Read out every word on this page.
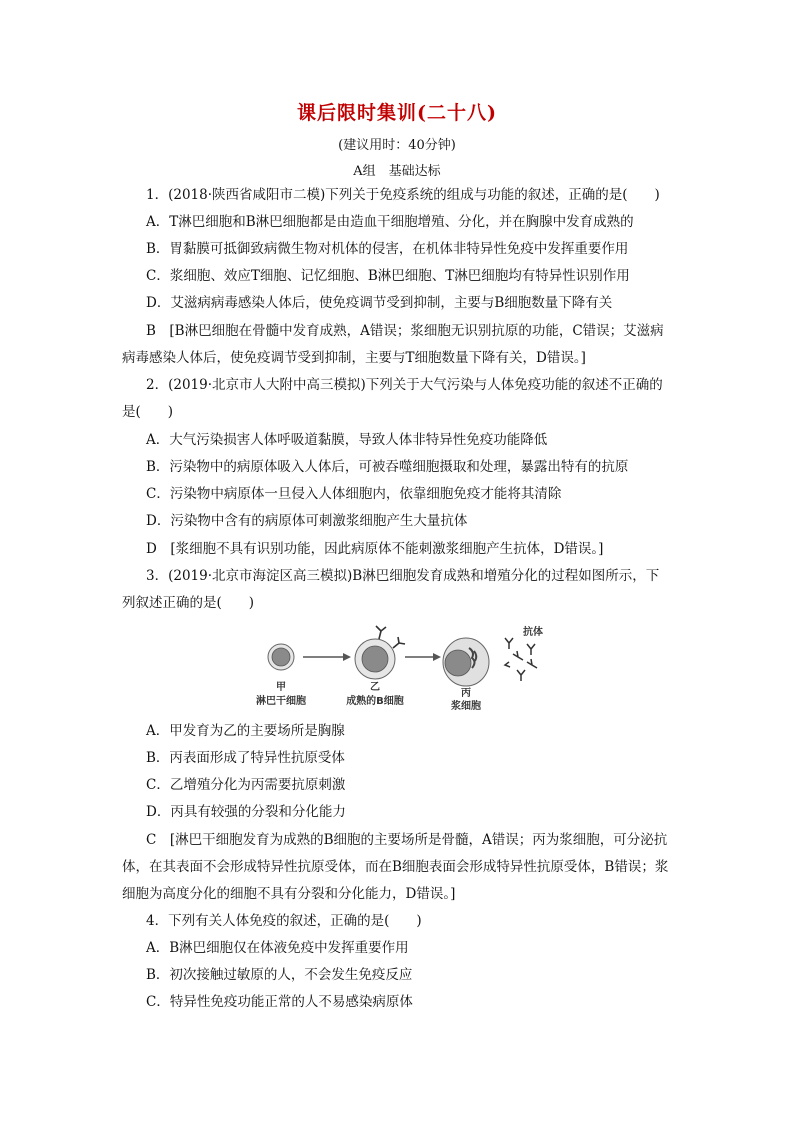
课后限时集训(二十八)
(建议用时：40分钟)
A组　基础达标
1．(2018·陕西省咸阳市二模)下列关于免疫系统的组成与功能的叙述，正确的是(　　)
A．T淋巴细胞和B淋巴细胞都是由造血干细胞增殖、分化，并在胸腺中发育成熟的
B．胃黏膜可抵御致病微生物对机体的侵害，在机体非特异性免疫中发挥重要作用
C．浆细胞、效应T细胞、记忆细胞、B淋巴细胞、T淋巴细胞均有特异性识别作用
D．艾滋病病毒感染人体后，使免疫调节受到抑制，主要与B细胞数量下降有关
B　[B淋巴细胞在骨髓中发育成熟，A错误；浆细胞无识别抗原的功能，C错误；艾滋病
病毒感染人体后，使免疫调节受到抑制，主要与T细胞数量下降有关，D错误。]
2．(2019·北京市人大附中高三模拟)下列关于大气污染与人体免疫功能的叙述不正确的
是(　　)
A．大气污染损害人体呼吸道黏膜，导致人体非特异性免疫功能降低
B．污染物中的病原体吸入人体后，可被吞噬细胞摄取和处理，暴露出特有的抗原
C．污染物中病原体一旦侵入人体细胞内，依靠细胞免疫才能将其清除
D．污染物中含有的病原体可刺激浆细胞产生大量抗体
D　[浆细胞不具有识别功能，因此病原体不能刺激浆细胞产生抗体，D错误。]
3．(2019·北京市海淀区高三模拟)B淋巴细胞发育成熟和增殖分化的过程如图所示，下
列叙述正确的是(　　)
抗体
甲
淋巴干细胞
乙
成熟的B细胞
丙
浆细胞
A．甲发育为乙的主要场所是胸腺
B．丙表面形成了特异性抗原受体
C．乙增殖分化为丙需要抗原刺激
D．丙具有较强的分裂和分化能力
C　[淋巴干细胞发育为成熟的B细胞的主要场所是骨髓，A错误；丙为浆细胞，可分泌抗
体，在其表面不会形成特异性抗原受体，而在B细胞表面会形成特异性抗原受体，B错误；浆
细胞为高度分化的细胞不具有分裂和分化能力，D错误。]
4．下列有关人体免疫的叙述，正确的是(　　)
A．B淋巴细胞仅在体液免疫中发挥重要作用
B．初次接触过敏原的人，不会发生免疫反应
C．特异性免疫功能正常的人不易感染病原体
